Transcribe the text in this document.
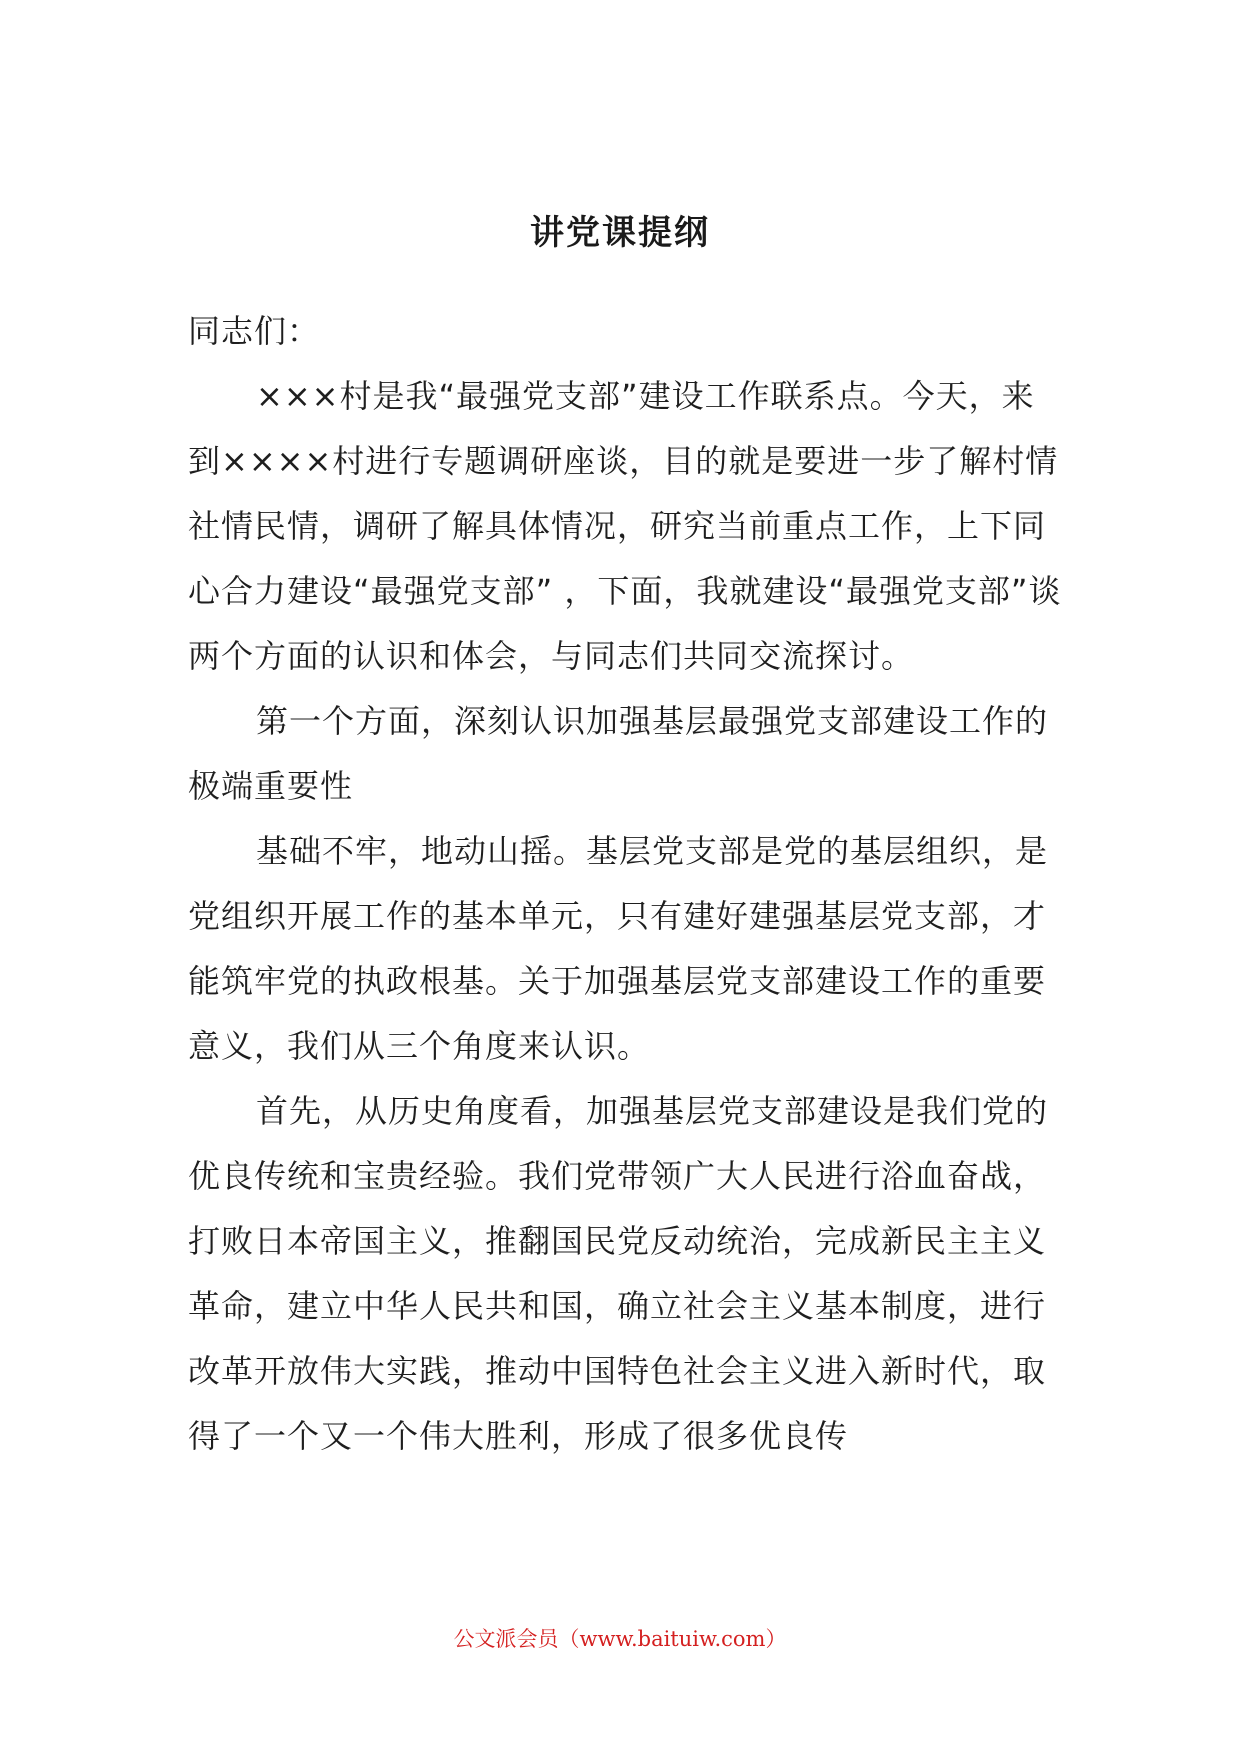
讲党课提纲

同志们：

×××村是我“最强党支部”建设工作联系点。今天，来到××××村进行专题调研座谈，目的就是要进一步了解村情社情民情，调研了解具体情况，研究当前重点工作，上下同心合力建设“最强党支部” ，下面，我就建设“最强党支部”谈两个方面的认识和体会，与同志们共同交流探讨。

第一个方面，深刻认识加强基层最强党支部建设工作的极端重要性

基础不牢，地动山摇。基层党支部是党的基层组织，是党组织开展工作的基本单元，只有建好建强基层党支部，才能筑牢党的执政根基。关于加强基层党支部建设工作的重要意义，我们从三个角度来认识。

首先，从历史角度看，加强基层党支部建设是我们党的优良传统和宝贵经验。我们党带领广大人民进行浴血奋战，打败日本帝国主义，推翻国民党反动统治，完成新民主主义革命，建立中华人民共和国，确立社会主义基本制度，进行改革开放伟大实践，推动中国特色社会主义进入新时代，取得了一个又一个伟大胜利，形成了很多优良传

公文派会员（www.baituiw.com）
